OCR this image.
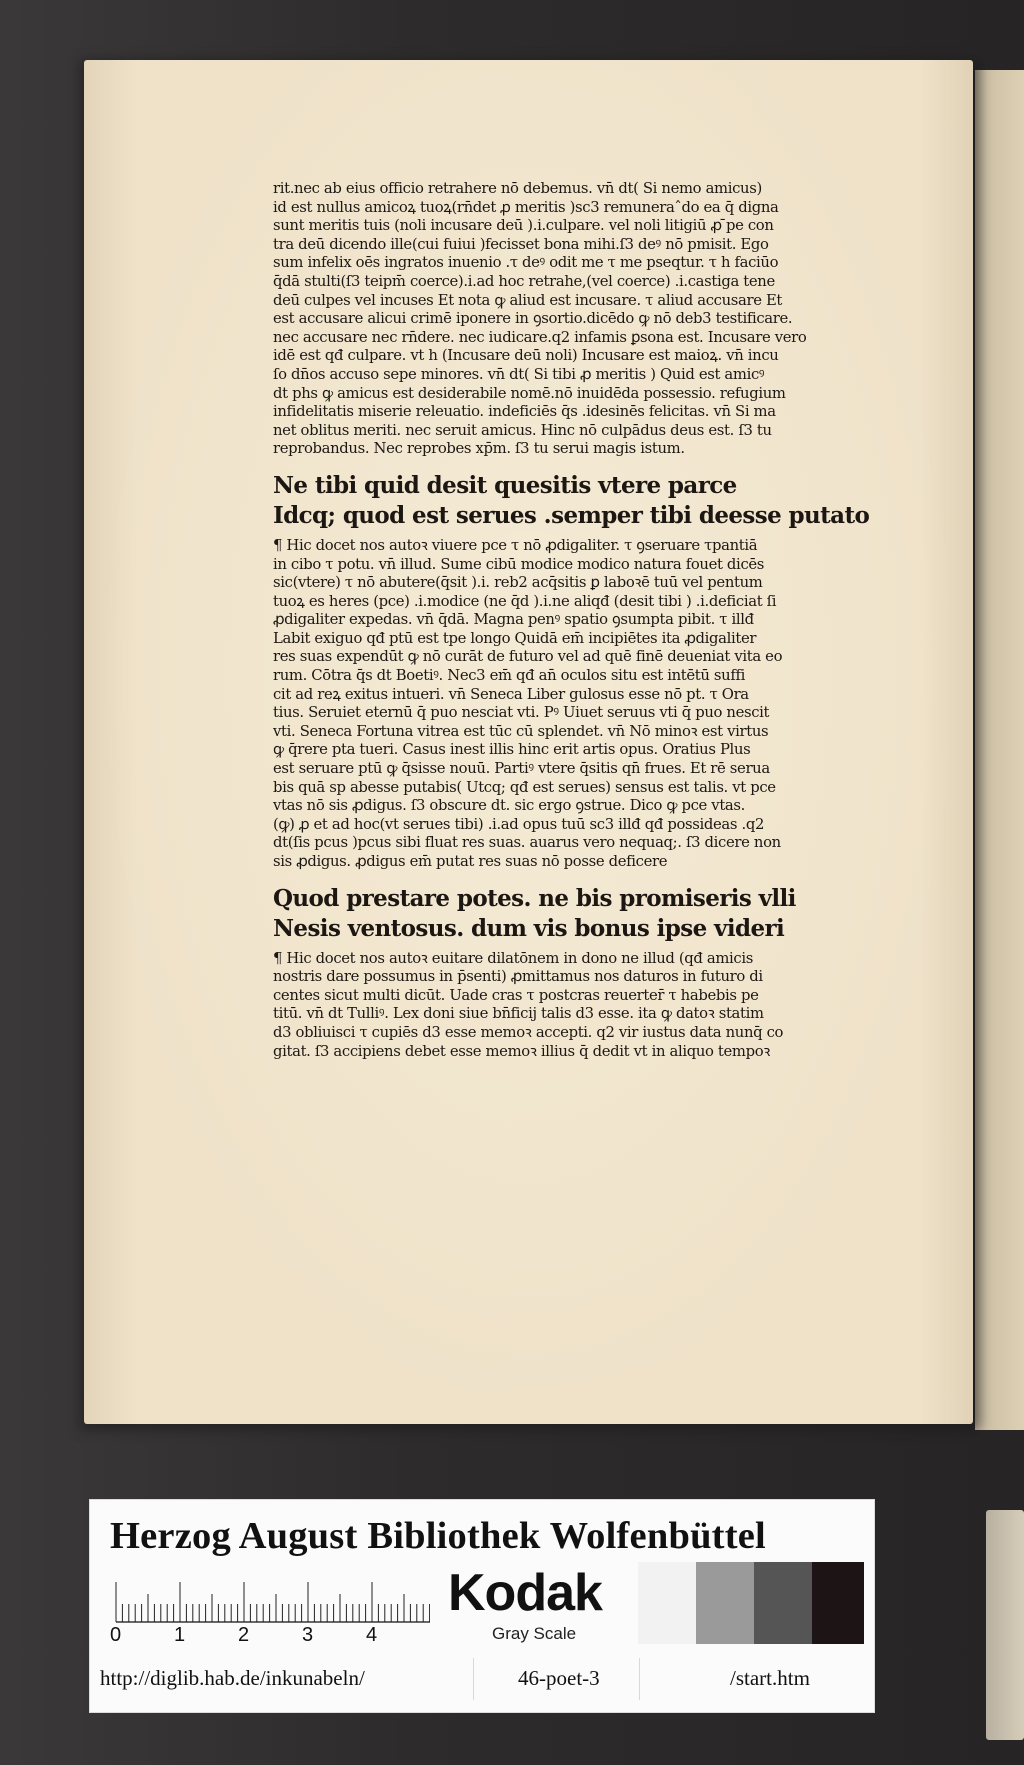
rit.nec ab eius officio retrahere nō debemus. vn̄ dt( Si nemo amicus)
id est nullus amicoꝝ tuoꝝ(rn̄det ꝓ meritis )sc3 remuneraˆdo ea q̄ digna
sunt meritis tuis (noli incusare deū ).i.culpare. vel noli litigiū ꝓ ̄pe con
tra deū dicendo ille(cui fuiui )fecisset bona mihi.ſ3 deꝰ nō pmisit. Ego
sum infelix oēs ingratos inuenio .τ deꝰ odit me τ me pseqtur. τ h̄ faciūo
q̄dā stulti(ſ3 teipm̄ coerce).i.ad hoc retrahe,(vel coerce) .i.castiga tene
deū culpes vel incuses Et nota ꝙ aliud est incusare. τ aliud accusare Et
est accusare alicui crimē iponere in ꝯsortio.dicēdo ꝙ nō deb3 testificare.
nec accusare nec rn̄dere. nec iudicare.q2 infamis ꝑsona est. Incusare vero
idē est qđ culpare. vt h̄ (Incusare deū noli) Incusare est maioꝝ. vn̄ incu
ſo dn̄os accuso sepe minores. vn̄ dt( Si tibi ꝓ meritis ) Quid est amicꝰ
dt ph̄s ꝙ amicus est desiderabile nomē.nō inuidēda possessio. refugium
infidelitatis miserie releuatio. indeficiēs q̄s .idesinēs felicitas. vn̄ Si ma
net oblitus meriti. nec seruit amicus. Hinc nō culpādus deus est. ſ3 tu
reprobandus. Nec reprobes xp̄m. ſ3 tu serui magis istum.

Ne tibi quid desit quesitis vtere parce

Idcq; quod est serues .semper tibi deesse putato

¶ Hic docet nos autoꝛ viuere pce τ nō ꝓdigaliter. τ ꝯseruare τpantiā
in cibo τ potu. vn̄ illud. Sume cibū modice modico natura fouet dicēs
sic(vtere) τ nō abutere(q̄sit̄ ).i. reb2 acq̄sitis ꝑ laboꝛē tuū vel pentum
tuoꝝ es heres (pce) .i.modice (ne q̄d ).i.ne aliqđ (desit tibi ) .i.deficiat ſi
ꝓdigaliter expedas. vn̄ q̄dā. Magna penꝰ spatio ꝯsumpta pibit. τ illđ
Labit exiguo qđ ptū est tpe longo Quidā em̄ incipiētes ita ꝓdigaliter
res suas expendūt ꝙ nō curāt de futuro vel ad quē finē deueniat vita eo
rum. Cōtra q̄s dt Boetiꝰ. Nec3 em̄ qđ an̄ oculos situ est intētū suffi
cit ad reꝝ exitus intueri. vn̄ Seneca Liber gulosus esse nō pt. τ Ora
tius. Seruiet eternū q̄ puo nesciat vti. Pꝰ Uiuet seruus vti q̄ puo nescit
vti. Seneca Fortuna vitrea est tūc cū splendet. vn̄ Nō minoꝛ est virtus
ꝙ q̄rere pta tueri. Casus inest illis hinc erit artis opus. Oratius Plus
est seruare ptū ꝙ q̄sisse nouū. Partiꝰ vtere q̄sitis qn̄ frues. Et rē serua
bis quā sp abesse putabis( Utcq; qđ est serues) sensus est talis. vt pce
vtas nō sis ꝓdigus. ſ3 obscure dt. sic ergo ꝯstrue. Dico ꝙ pce vtas.
(ꝙ) ꝓ et ad hoc(vt serues tibi) .i.ad opus tuū sc3 illđ qđ possideas .q2
dt(ſis pcus )pcus sibi fluat res suas. auarus vero nequaq;. ſ3 dicere non
sis ꝓdigus. ꝓdigus em̄ putat res suas nō posse deficere

Quod prestare potes. ne bis promiseris vlli

Nesis ventosus. dum vis bonus ipse videri

¶ Hic docet nos autoꝛ euitare dilatōnem in dono ne illud (qđ amicis
nostris dare possumus in p̄senti) ꝓmittamus nos daturos in futuro di
centes sicut multi dicūt. Uade cras τ postcras reuerter̄ τ habebis pe
titū. vn̄ dt Tulliꝰ. Lex doni siue bn̄ficij talis d3 esse. ita ꝙ datoꝛ statim
d3 obliuisci τ cupiēs d3 esse memoꝛ accepti. q2 vir iustus data nunq̄ co
gitat. ſ3 accipiens debet esse memoꝛ illius q̄ dedit vt in aliquo tempoꝛ

Herzog August Bibliothek Wolfenbüttel
0	1	2	3	4
Kodak
Gray Scale
http://diglib.hab.de/inkunabeln/	46-poet-3	/start.htm
